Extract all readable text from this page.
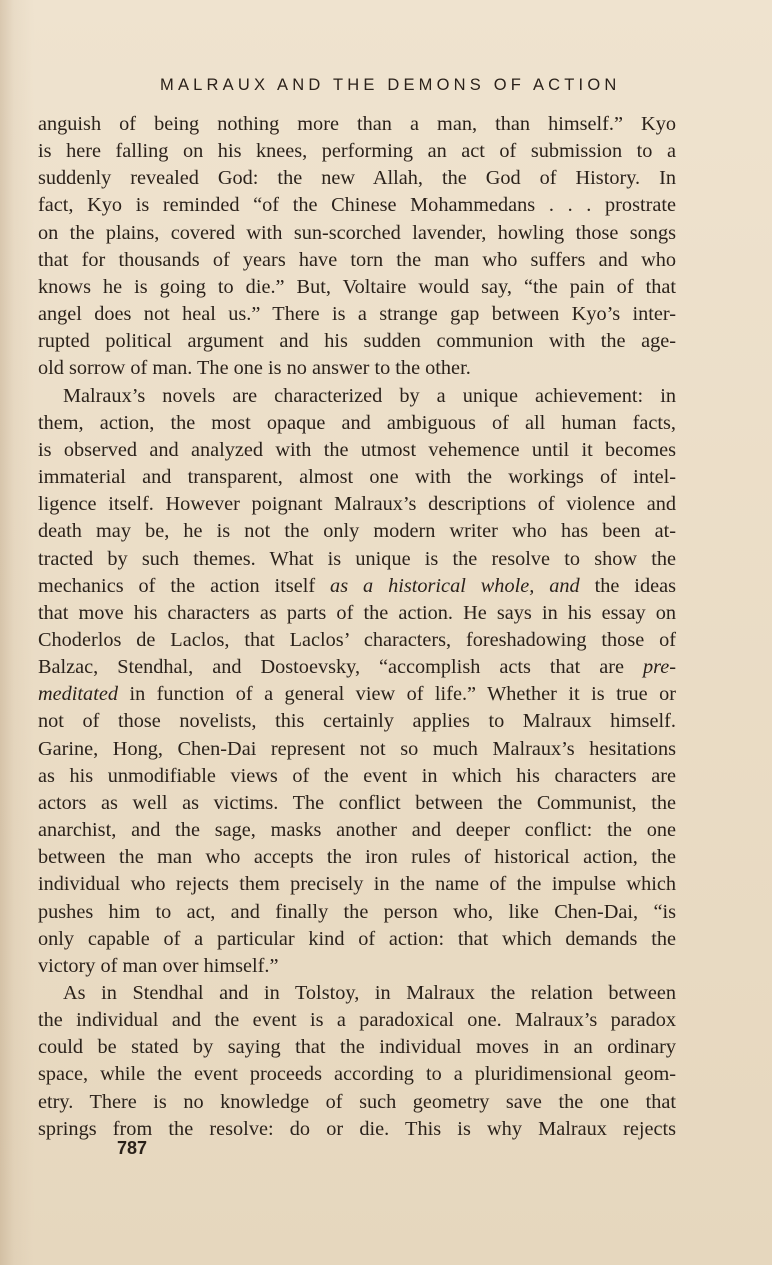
MALRAUX AND THE DEMONS OF ACTION
anguish of being nothing more than a man, than himself.” Kyo
is here falling on his knees, performing an act of submission to a
suddenly revealed God: the new Allah, the God of History. In
fact, Kyo is reminded “of the Chinese Mohammedans . . . prostrate
on the plains, covered with sun-scorched lavender, howling those songs
that for thousands of years have torn the man who suffers and who
knows he is going to die.” But, Voltaire would say, “the pain of that
angel does not heal us.” There is a strange gap between Kyo’s inter-
rupted political argument and his sudden communion with the age-
old sorrow of man. The one is no answer to the other.
Malraux’s novels are characterized by a unique achievement: in
them, action, the most opaque and ambiguous of all human facts,
is observed and analyzed with the utmost vehemence until it becomes
immaterial and transparent, almost one with the workings of intel-
ligence itself. However poignant Malraux’s descriptions of violence and
death may be, he is not the only modern writer who has been at-
tracted by such themes. What is unique is the resolve to show the
mechanics of the action itself as a historical whole, and the ideas
that move his characters as parts of the action. He says in his essay on
Choderlos de Laclos, that Laclos’ characters, foreshadowing those of
Balzac, Stendhal, and Dostoevsky, “accomplish acts that are pre-
meditated in function of a general view of life.” Whether it is true or
not of those novelists, this certainly applies to Malraux himself.
Garine, Hong, Chen-Dai represent not so much Malraux’s hesitations
as his unmodifiable views of the event in which his characters are
actors as well as victims. The conflict between the Communist, the
anarchist, and the sage, masks another and deeper conflict: the one
between the man who accepts the iron rules of historical action, the
individual who rejects them precisely in the name of the impulse which
pushes him to act, and finally the person who, like Chen-Dai, “is
only capable of a particular kind of action: that which demands the
victory of man over himself.”
As in Stendhal and in Tolstoy, in Malraux the relation between
the individual and the event is a paradoxical one. Malraux’s paradox
could be stated by saying that the individual moves in an ordinary
space, while the event proceeds according to a pluridimensional geom-
etry. There is no knowledge of such geometry save the one that
springs from the resolve: do or die. This is why Malraux rejects
787
